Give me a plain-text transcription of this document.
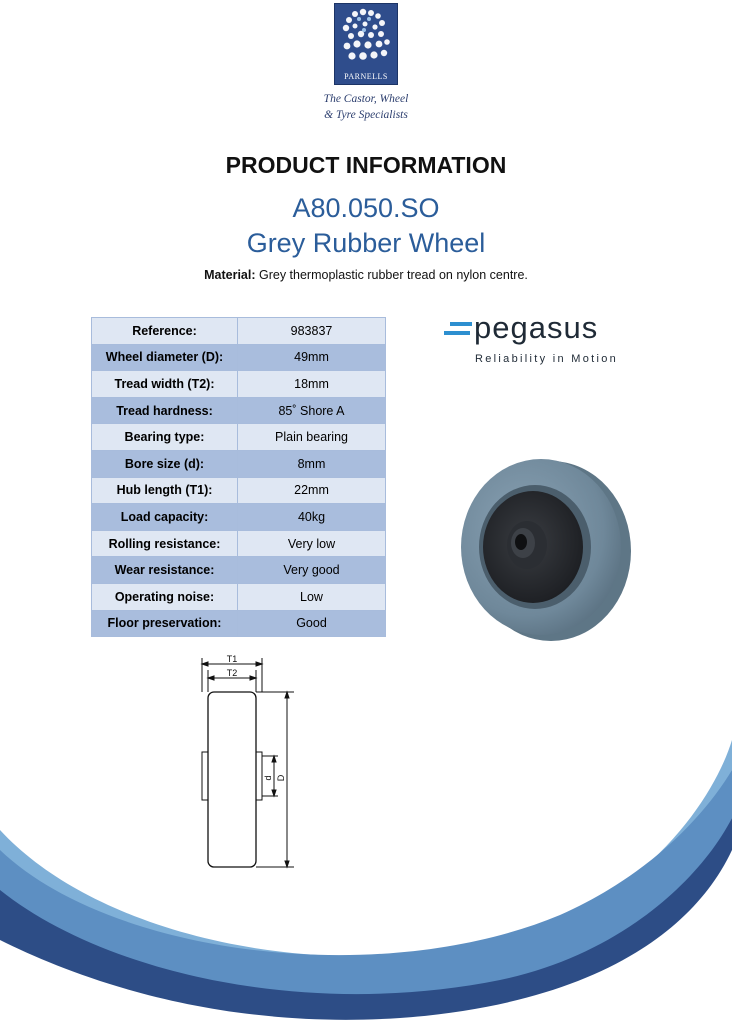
PARNELLS
The Castor, Wheel
& Tyre Specialists
PRODUCT INFORMATION
A80.050.SO
Grey Rubber Wheel
Material: Grey thermoplastic rubber tread on nylon centre.
Reference:	983837
Wheel diameter (D):	49mm
Tread width (T2):	18mm
Tread hardness:	85˚ Shore A
Bearing type:	Plain bearing
Bore size (d):	8mm
Hub length (T1):	22mm
Load capacity:	40kg
Rolling resistance:	Very low
Wear resistance:	Very good
Operating noise:	Low
Floor preservation:	Good
pegasus
Reliability in Motion
T1
T2
d D
